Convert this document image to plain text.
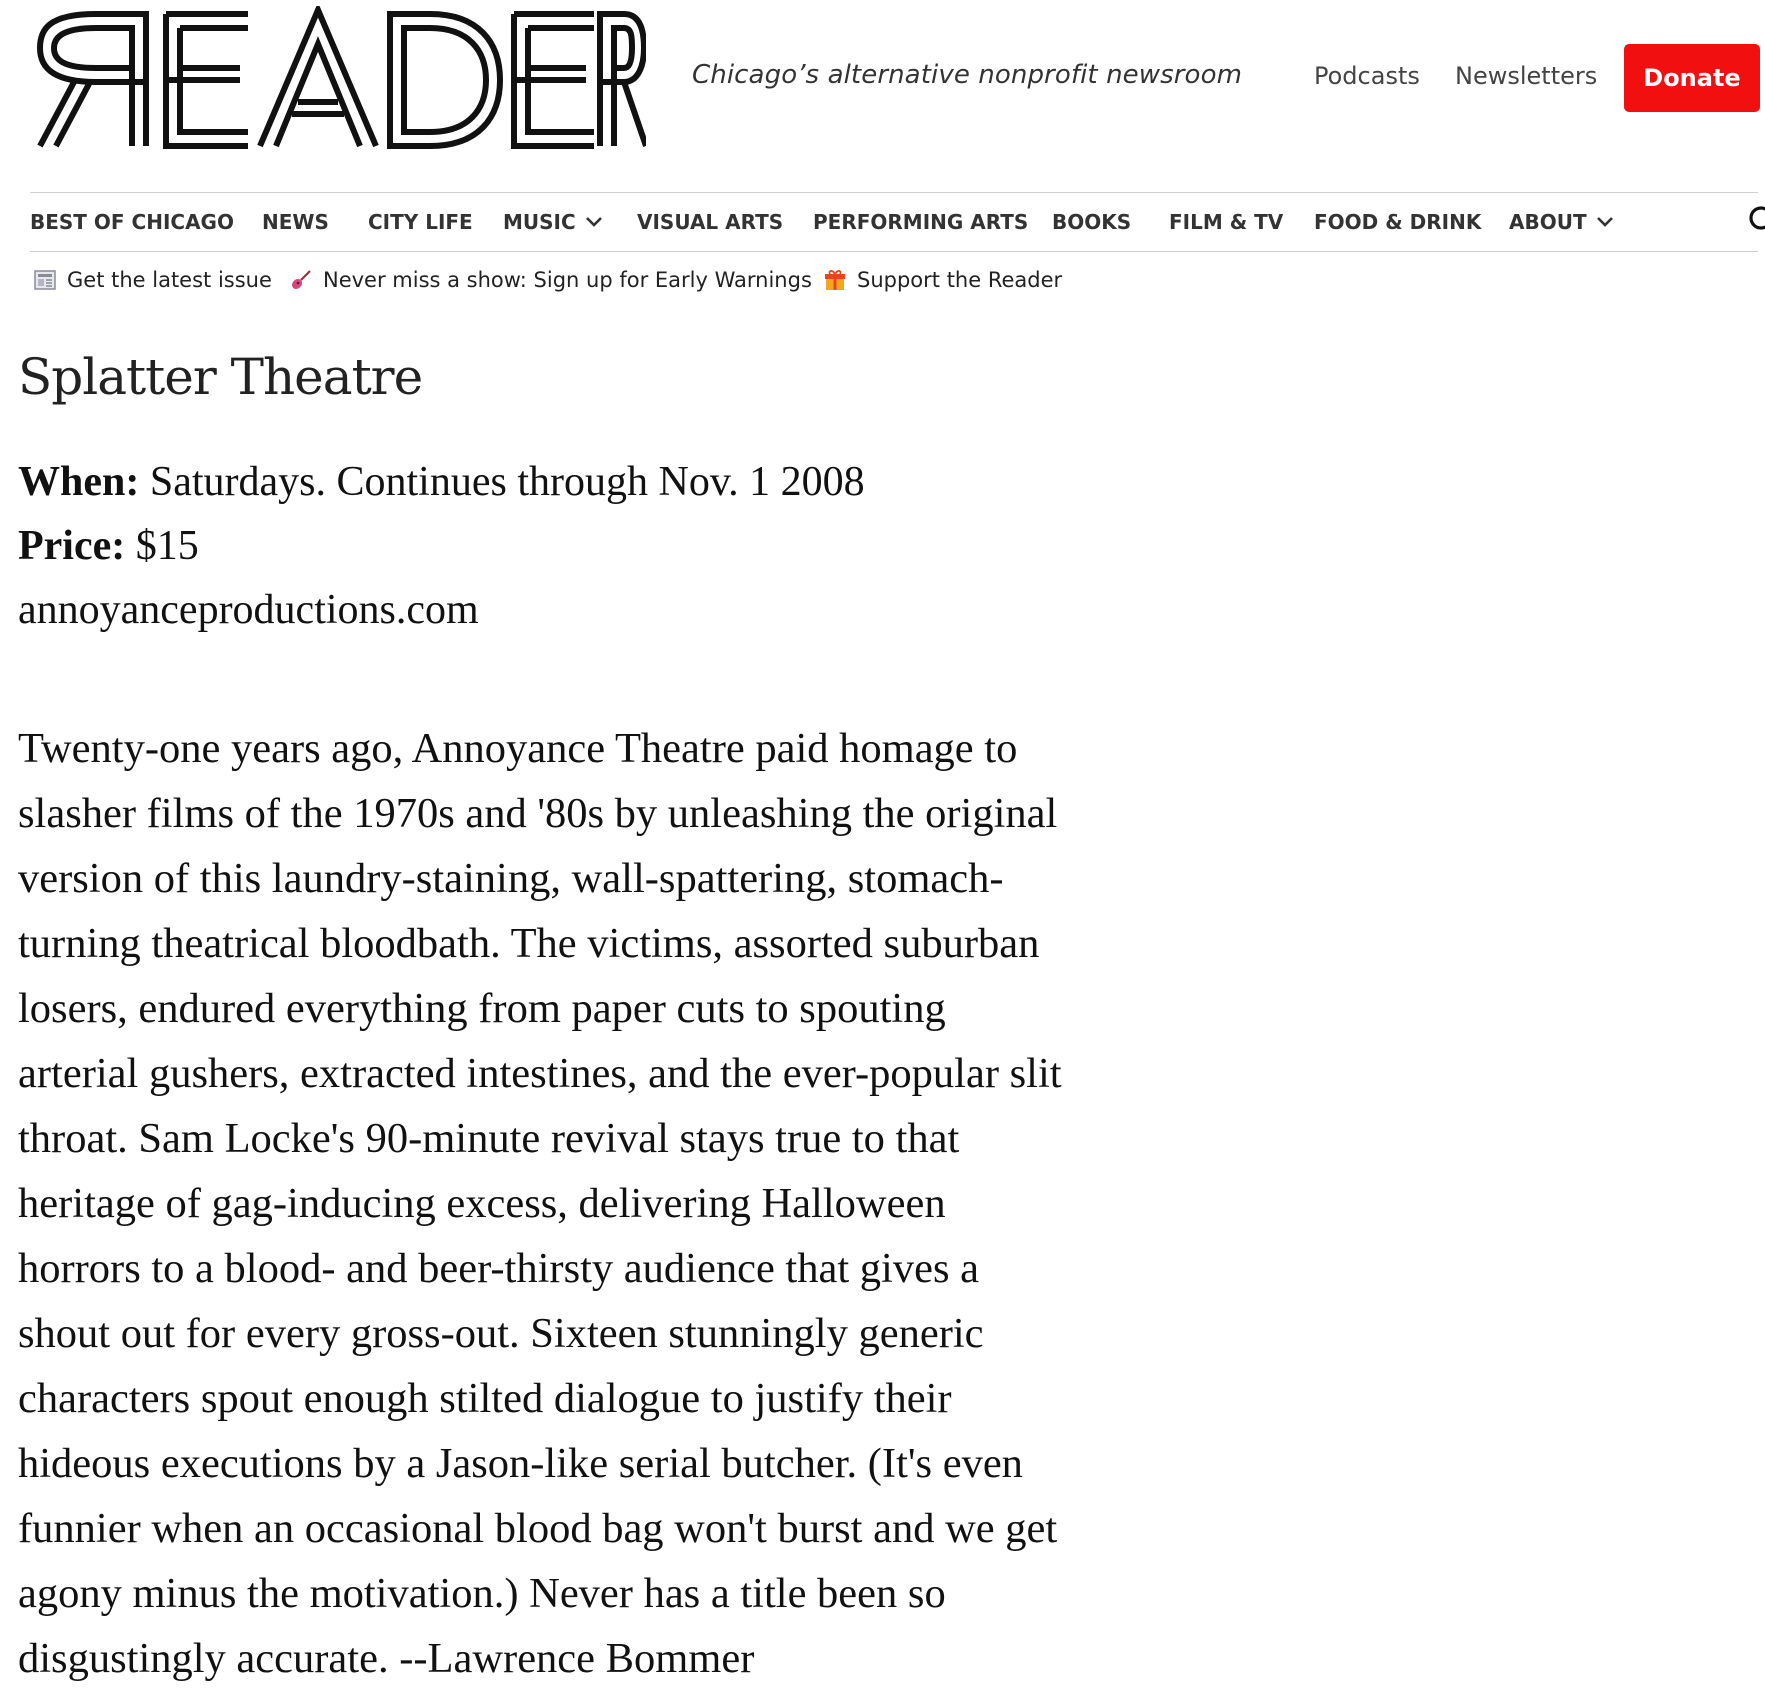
Chicago’s alternative nonprofit newsroom	Podcasts Newsletters	Donate
BEST OF CHICAGO NEWS CITY LIFE MUSIC	VISUAL ARTS PERFORMING ARTS BOOKS FILM & TV FOOD & DRINK ABOUT
Get the latest issue Never miss a show: Sign up for Early Warnings Support the Reader
Splatter Theatre

When: Saturdays. Continues through Nov. 1 2008

Price: $15

annoyanceproductions.com

Twenty-one years ago, Annoyance Theatre paid homage to
slasher films of the 1970s and '80s by unleashing the original
version of this laundry-staining, wall-spattering, stomach-
turning theatrical bloodbath. The victims, assorted suburban
losers, endured everything from paper cuts to spouting
arterial gushers, extracted intestines, and the ever-popular slit
throat. Sam Locke's 90-minute revival stays true to that
heritage of gag-inducing excess, delivering Halloween
horrors to a blood- and beer-thirsty audience that gives a
shout out for every gross-out. Sixteen stunningly generic
characters spout enough stilted dialogue to justify their
hideous executions by a Jason-like serial butcher. (It's even
funnier when an occasional blood bag won't burst and we get
agony minus the motivation.) Never has a title been so
disgustingly accurate. --Lawrence Bommer
